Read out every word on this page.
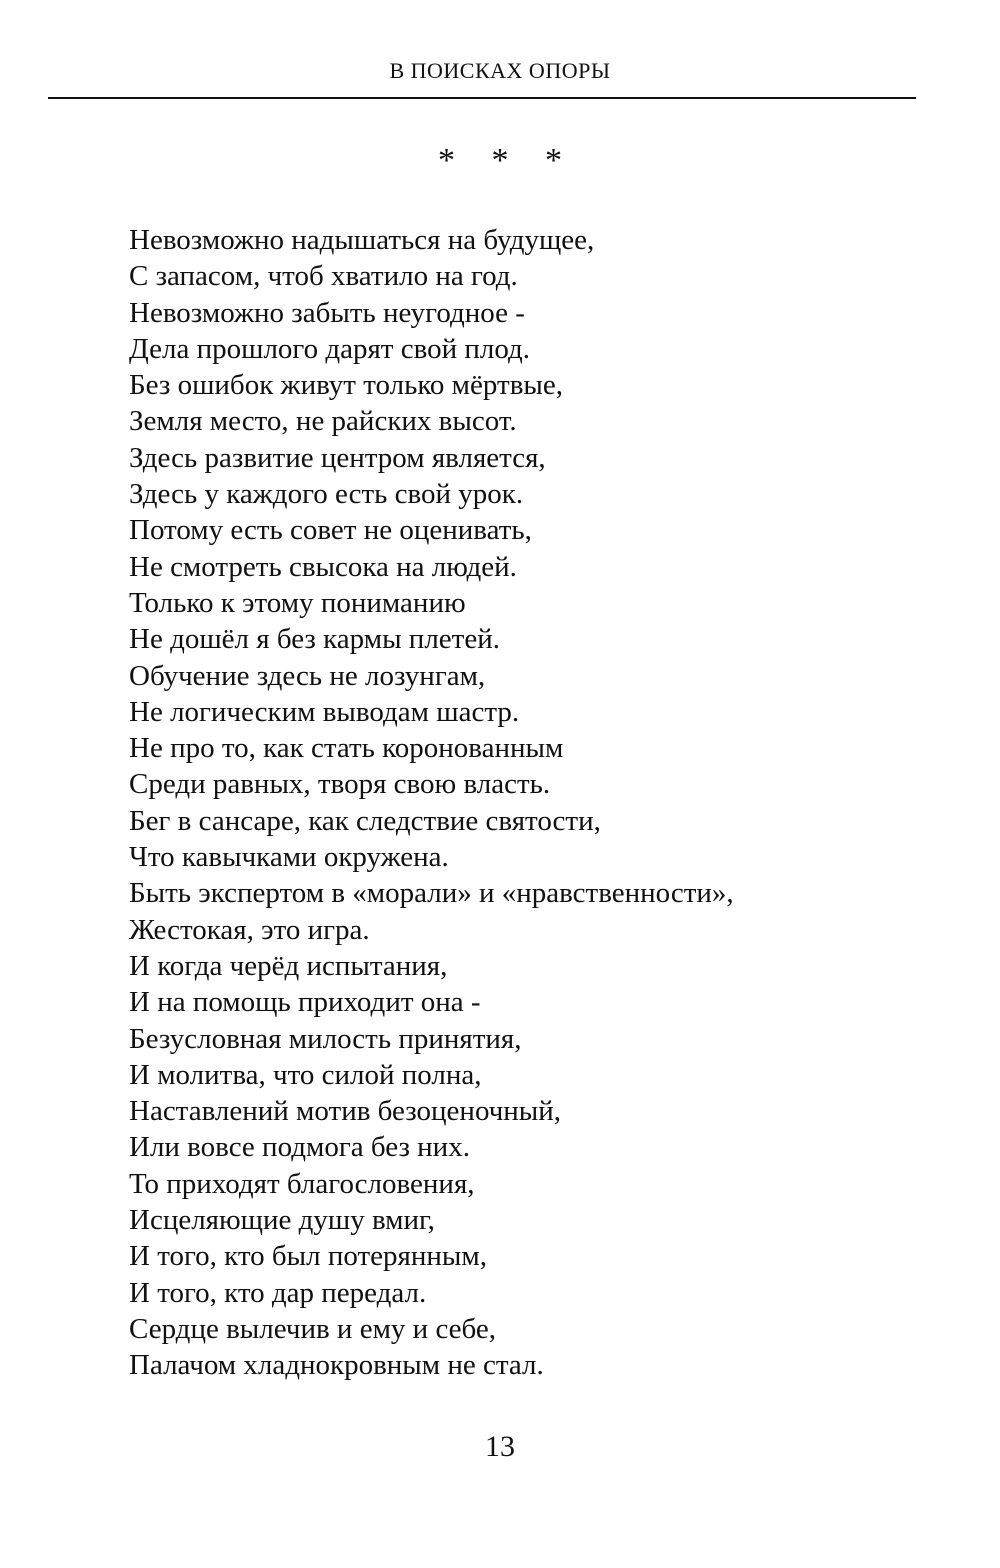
В ПОИСКАХ ОПОРЫ
* * *
Невозможно надышаться на будущее,
С запасом, чтоб хватило на год.
Невозможно забыть неугодное -
Дела прошлого дарят свой плод.
Без ошибок живут только мёртвые,
Земля место, не райских высот.
Здесь развитие центром является,
Здесь у каждого есть свой урок.
Потому есть совет не оценивать,
Не смотреть свысока на людей.
Только к этому пониманию
Не дошёл я без кармы плетей.
Обучение здесь не лозунгам,
Не логическим выводам шастр.
Не про то, как стать коронованным
Среди равных, творя свою власть.
Бег в сансаре, как следствие святости,
Что кавычками окружена.
Быть экспертом в «морали» и «нравственности»,
Жестокая, это игра.
И когда черёд испытания,
И на помощь приходит она -
Безусловная милость принятия,
И молитва, что силой полна,
Наставлений мотив безоценочный,
Или вовсе подмога без них.
То приходят благословения,
Исцеляющие душу вмиг,
И того, кто был потерянным,
И того, кто дар передал.
Сердце вылечив и ему и себе,
Палачом хладнокровным не стал.
13
